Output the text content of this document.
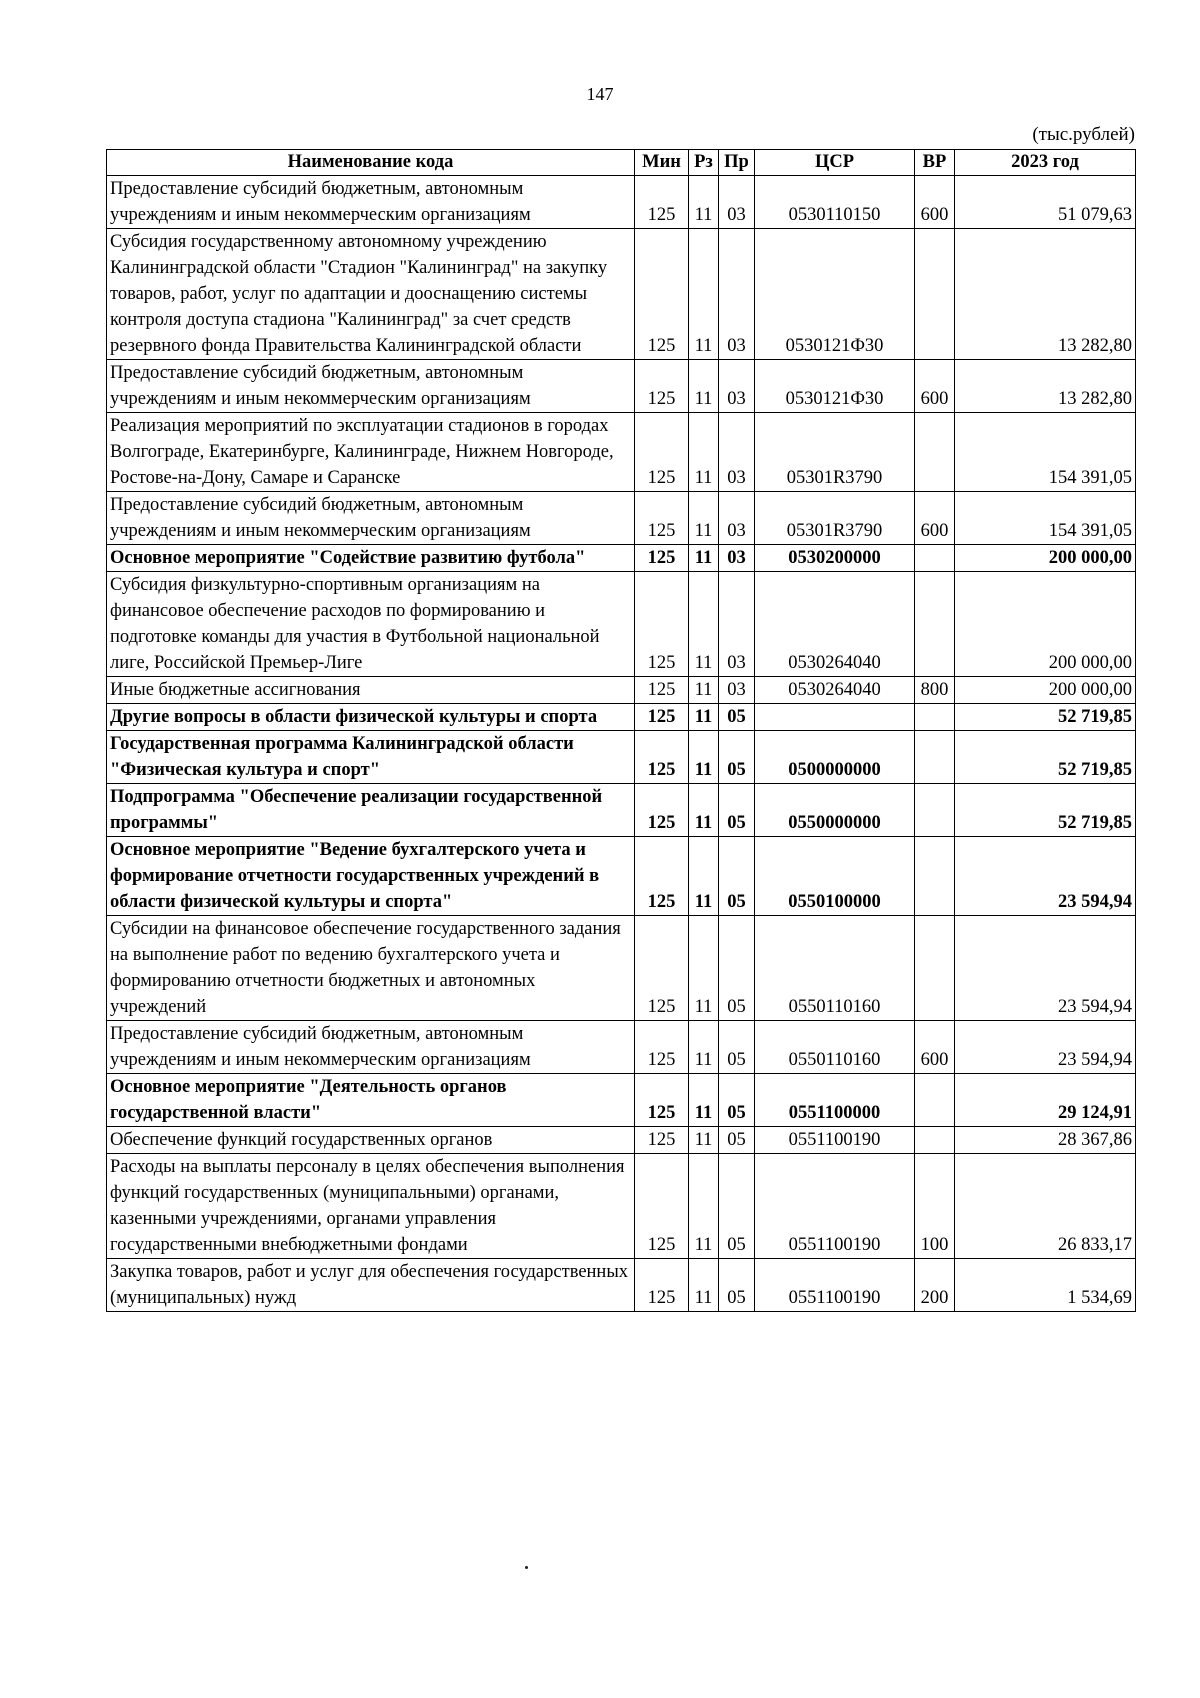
147
(тыс.рублей)
Наименование кода	Мин	Рз	Пр	ЦСР	ВР	2023 год
Предоставление субсидий бюджетным, автономным учреждениям и иным некоммерческим организациям	125	11	03	0530110150	600	51 079,63
Субсидия государственному автономному учреждению Калининградской области "Стадион "Калининград" на закупку товаров, работ, услуг по адаптации и дооснащению системы контроля доступа стадиона "Калининград" за счет средств резервного фонда Правительства Калининградской области	125	11	03	0530121Ф30		13 282,80
Предоставление субсидий бюджетным, автономным учреждениям и иным некоммерческим организациям	125	11	03	0530121Ф30	600	13 282,80
Реализация мероприятий по эксплуатации стадионов в городах Волгограде, Екатеринбурге, Калининграде, Нижнем Новгороде, Ростове-на-Дону, Самаре и Саранске	125	11	03	05301R3790		154 391,05
Предоставление субсидий бюджетным, автономным учреждениям и иным некоммерческим организациям	125	11	03	05301R3790	600	154 391,05
Основное мероприятие "Содействие развитию футбола"	125	11	03	0530200000		200 000,00
Субсидия физкультурно-спортивным организациям на финансовое обеспечение расходов по формированию и подготовке команды для участия в Футбольной национальной лиге, Российской Премьер-Лиге	125	11	03	0530264040		200 000,00
Иные бюджетные ассигнования	125	11	03	0530264040	800	200 000,00
Другие вопросы в области физической культуры и спорта	125	11	05			52 719,85
Государственная программа Калининградской области "Физическая культура и спорт"	125	11	05	0500000000		52 719,85
Подпрограмма "Обеспечение реализации государственной программы"	125	11	05	0550000000		52 719,85
Основное мероприятие "Ведение бухгалтерского учета и формирование отчетности государственных учреждений в области физической культуры и спорта"	125	11	05	0550100000		23 594,94
Субсидии на финансовое обеспечение государственного задания на выполнение работ по ведению бухгалтерского учета и формированию отчетности бюджетных и автономных учреждений	125	11	05	0550110160		23 594,94
Предоставление субсидий бюджетным, автономным учреждениям и иным некоммерческим организациям	125	11	05	0550110160	600	23 594,94
Основное мероприятие "Деятельность органов государственной власти"	125	11	05	0551100000		29 124,91
Обеспечение функций государственных органов	125	11	05	0551100190		28 367,86
Расходы на выплаты персоналу в целях обеспечения выполнения функций государственных (муниципальными) органами, казенными учреждениями, органами управления государственными внебюджетными фондами	125	11	05	0551100190	100	26 833,17
Закупка товаров, работ и услуг для обеспечения государственных (муниципальных) нужд	125	11	05	0551100190	200	1 534,69
